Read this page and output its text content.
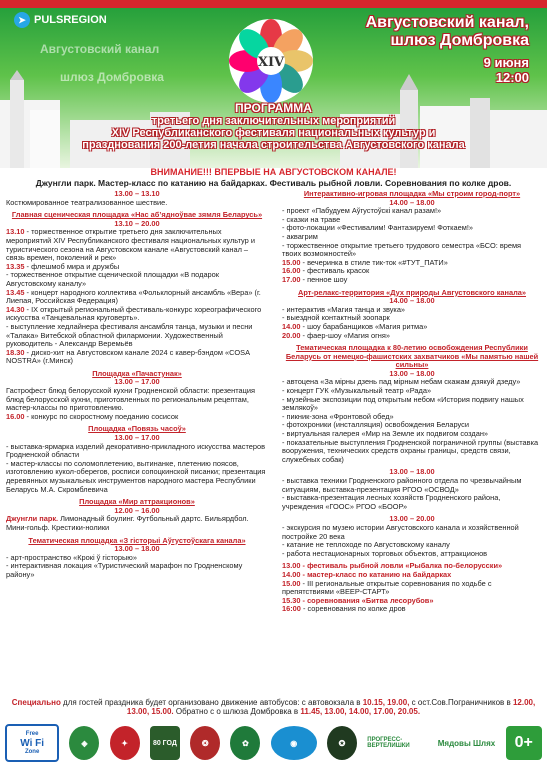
➤ PULSREGION
Августовский канал
шлюз Домбровка
XIV
Августовский канал,
шлюз Домбровка
9 июня
12:00
ПРОГРАММА
третьего дня заключительных мероприятий
XIV Республиканского фестиваля национальных культур и
празднования 200-летия начала строительства Августовского канала
ВНИМАНИЕ!!! ВПЕРВЫЕ НА АВГУСТОВСКОМ КАНАЛЕ!
Джунгли парк. Мастер-класс по катанию на байдарках. Фестиваль рыбной ловли. Соревнования по колке дров.
13.00 – 13.10
Костюмированное театрализованное шествие.
Главная сценическая площадка «Нас аб’ядноўвае зямля Беларусь»
13.10 – 20.00
13.10 - торжественное открытие третьего дня заключительных мероприятий XIV Республиканского фестиваля национальных культур и туристического сезона на Августовском канале «Августовский канал – связь времен, поколений и рек»
13.35 - флешмоб мира и дружбы
- торжественное открытие сценической площадки «В подарок Августовскому каналу»
13.45 - концерт народного коллектива «Фольклорный ансамбль «Вера» (г. Лиепая, Российская Федерация)
14.30 - IX открытый региональный фестиваль-конкурс хореографического искусства «Танцевальная круговерть».
- выступление хедлайнера фестиваля ансамбля танца, музыки и песни «Талака» Витебской областной филармонии. Художественный руководитель - Александр Веремьёв
18.30 - диско-хит на Августовском канале 2024 с кавер-бэндом «COSA NOSTRA» (г.Минск)
Площадка «Пачастунак»
13.00 – 17.00
Гастрофест блюд белорусской кухни Гродненской области: презентация блюд белорусской кухни, приготовленных по региональным рецептам, мастер-классы по приготовлению.
16.00 - конкурс по скоростному поеданию сосисок
Площадка «Повязь часоў»
13.00 – 17.00
- выставка-ярмарка изделий декоративно-прикладного искусства мастеров Гродненской области
- мастер-классы по соломоплетению, вытинанке, плетению поясов, изготовлению кукол-оберегов, росписи сопоцкинской писанки; презентация деревянных музыкальных инструментов народного мастера Республики Беларусь М.А. Скромблевича
Площадка «Мир аттракционов»
12.00 – 16.00
Джунгли парк. Лимонадный боулинг. Футбольный дартс. Бильярдбол. Мини-гольф. Крестики-нолики
Тематическая площадка «З гісторыі Аўгустоўскага канала»
13.00 – 18.00
- арт-пространство «Крокі ў гісторыю»
- интерактивная локация «Туристический марафон по Гродненскому району»
Интерактивно-игровая площадка «Мы строим город-порт»
14.00 – 18.00
- проект «Пабудуем Аўгустоўскі канал разам!»
- сказки на траве
- фото-локации «Фестивалим! Фантазируем! Фоткаем!»
- аквагрим
- торжественное открытие третьего трудового семестра «БСО: время твоих возможностей»
15.00 - вечеринка в стиле тик-ток «#ТУТ_ПАТИ»
16.00 - фестиваль красок
17.00 - пенное шоу
Арт-релакс-территория «Дух природы Августовского канала»
14.00 – 18.00
- интерактив «Магия танца и звука»
- выездной контактный зоопарк
14.00 - шоу барабанщиков «Магия ритма»
20.00 - фаер-шоу «Магия огня»
Тематическая площадка к 80-летию освобождения Республики Беларусь от немецко-фашистских захватчиков «Мы памятью нашей сильны»
13.00 – 18.00
- автоцена «За мірны дзень пад мірным небам скажам дзякуй дзеду»
- концерт ГУК «Музыкальный театр «Рада»
- музейные экспозиции под открытым небом «История подвигу нашых землякоў»
- пикник-зона «Фронтовой обед»
- фотохроники (инсталляция) освобождения Беларуси
- виртуальная галерея «Мир на Земле их подвигом создан»
- показательные выступления Гродненской пограничной группы (выставка вооружения, технических средств охраны границы, средств связи, служебных собак)
13.00 – 18.00
- выставка техники Гродненского районного отдела по чрезвычайным ситуациям, выставка-презентация РГОО «ОСВОД»
- выставка-презентация лесных хозяйств Гродненского района, учреждения «ГООС» РГОО «БООР»
13.00 – 20.00
- экскурсия по музею истории Августовского канала и хозяйственной постройке 20 века
- катание не теплоходе по Августовскому каналу
- работа нестационарных торговых объектов, аттракционов
13.00 - фестиваль рыбной ловли «Рыбалка по-белорусски»
14.00 - мастер-класс по катанию на байдарках
15.00 - III региональные открытые соревнования по ходьбе с препятствиями «ВЕЕР-СТАРТ»
15.30 - соревнования «Битва лесорубов»
16:00 - соревнования по колке дров
Специально для гостей праздника будет организовано движение автобусов: с автовокзала в 10.15, 19.00, с ост.Сов.Пограничников в 12.00, 13.00, 15.00. Обратно с о шлюза Домбровка в 11.45, 13.00, 14.00, 17.00, 20.05.
Free
Wi Fi
Zone
◈	✦	80 ГОД	❂	✿	◉	✪	ПРОГРЕСС-ВЕРТЕЛИШКИ	Мядовы Шлях	0+
